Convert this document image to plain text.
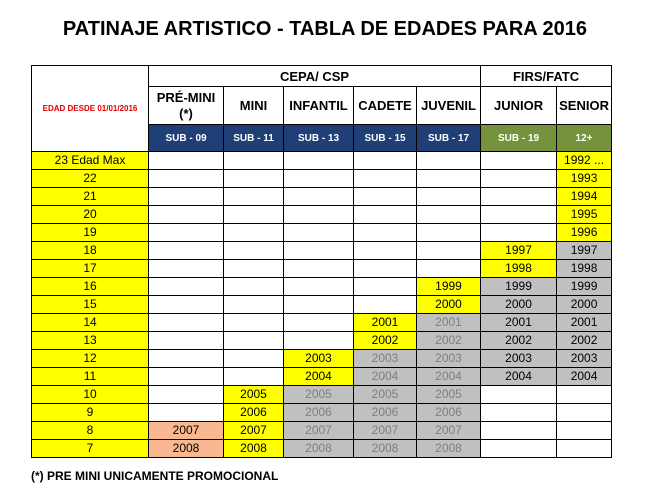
PATINAJE ARTISTICO - TABLA DE EDADES PARA 2016
EDAD DESDE 01/01/2016	CEPA/ CSP					FIRS/FATC	
	PRÉ-MINI (*)	MINI	INFANTIL	CADETE	JUVENIL	JUNIOR	SENIOR
	SUB - 09	SUB - 11	SUB - 13	SUB - 15	SUB - 17	SUB - 19	12+
23 Edad Max							1992 ...
22							1993
21							1994
20							1995
19							1996
18						1997	1997
17						1998	1998
16					1999	1999	1999
15					2000	2000	2000
14				2001	2001	2001	2001
13				2002	2002	2002	2002
12			2003	2003	2003	2003	2003
11			2004	2004	2004	2004	2004
10		2005	2005	2005	2005		
9		2006	2006	2006	2006		
8	2007	2007	2007	2007	2007		
7	2008	2008	2008	2008	2008		
(*) PRE MINI UNICAMENTE PROMOCIONAL
